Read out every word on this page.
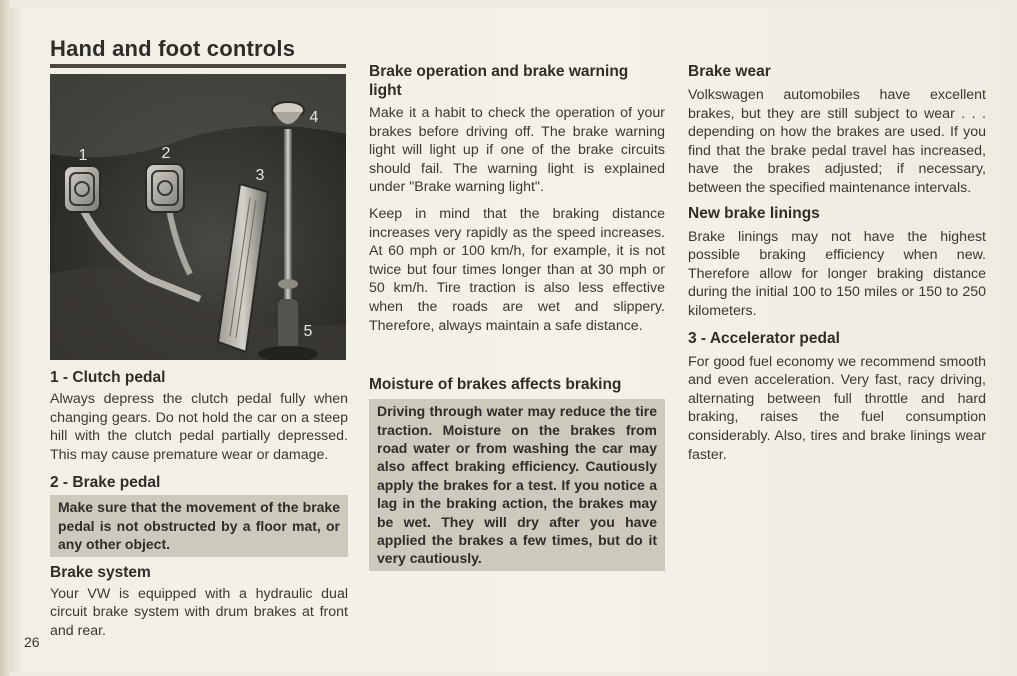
Hand and foot controls
1	2
3
4
5
1 - Clutch pedal

Always depress the clutch pedal fully when changing gears. Do not hold the car on a steep hill with the clutch pedal partially depressed. This may cause premature wear or damage.

2 - Brake pedal
Make sure that the movement of the brake pedal is not obstructed by a floor mat, or any other object.
Brake system

Your VW is equipped with a hydraulic dual circuit brake system with drum brakes at front and rear.

Brake operation and brake warning light

Make it a habit to check the operation of your brakes before driving off. The brake warning light will light up if one of the brake circuits should fail. The warning light is explained under "Brake warning light".

Keep in mind that the braking distance increases very rapidly as the speed increases. At 60 mph or 100 km/h, for example, it is not twice but four times longer than at 30 mph or 50 km/h. Tire traction is also less effective when the roads are wet and slippery. Therefore, always maintain a safe distance.

Moisture of brakes affects braking
Driving through water may reduce the tire traction. Moisture on the brakes from road water or from washing the car may also affect braking efficiency. Cautiously apply the brakes for a test. If you notice a lag in the braking action, the brakes may be wet. They will dry after you have applied the brakes a few times, but do it very cautiously.
Brake wear

Volkswagen automobiles have excellent brakes, but they are still subject to wear . . . depending on how the brakes are used. If you find that the brake pedal travel has increased, have the brakes adjusted; if necessary, between the specified maintenance intervals.

New brake linings

Brake linings may not have the highest possible braking efficiency when new. Therefore allow for longer braking distance during the initial 100 to 150 miles or 150 to 250 kilometers.

3 - Accelerator pedal

For good fuel economy we recommend smooth and even acceleration. Very fast, racy driving, alternating between full throttle and hard braking, raises the fuel consumption considerably. Also, tires and brake linings wear faster.

26
